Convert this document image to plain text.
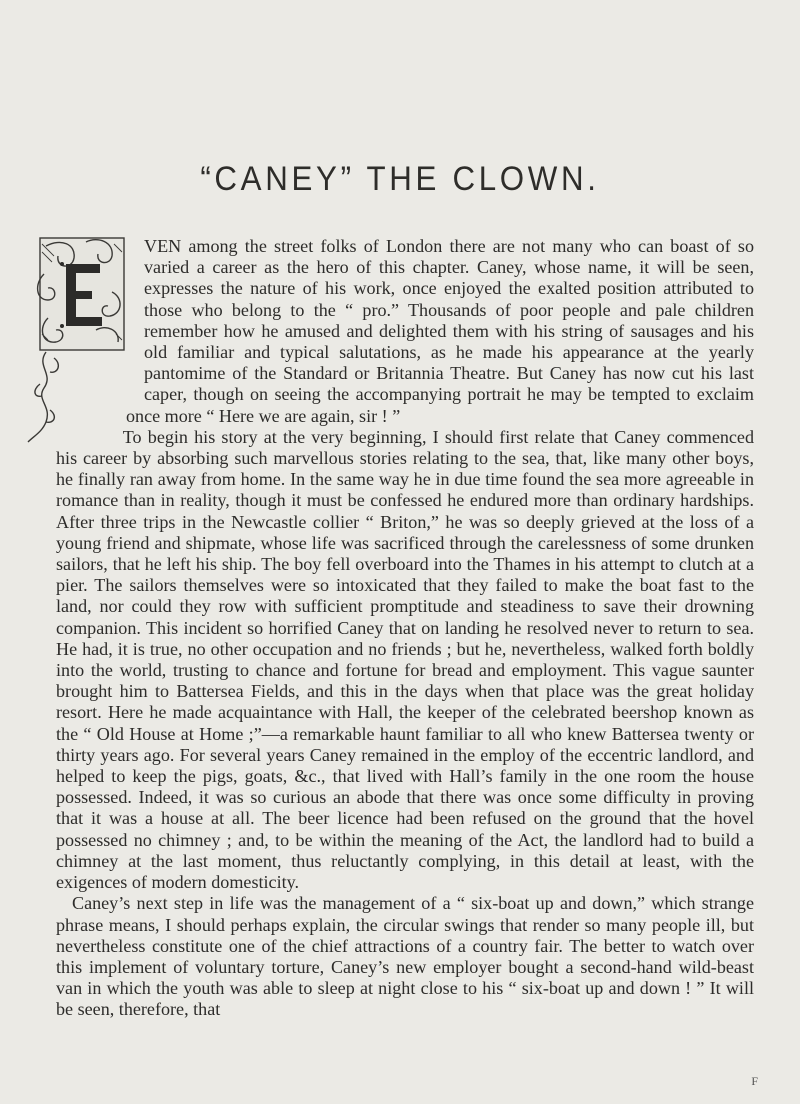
“CANEY” THE CLOWN.

VEN among the street folks of London there are not many who can boast of so varied a career as the hero of this chapter. Caney, whose name, it will be seen, expresses the nature of his work, once enjoyed the exalted position attributed to those who belong to the “ pro.” Thousands of poor people and pale children remember how he amused and delighted them with his string of sausages and his old familiar and typical salutations, as he made his appearance at the yearly pantomime of the Standard or Britannia Theatre. But Caney has now cut his last caper, though on seeing the accompanying portrait he may be tempted to exclaim once more “ Here we are again, sir ! ”

To begin his story at the very beginning, I should first relate that Caney commenced his career by absorbing such marvellous stories relating to the sea, that, like many other boys, he finally ran away from home. In the same way he in due time found the sea more agreeable in romance than in reality, though it must be confessed he endured more than ordinary hardships. After three trips in the Newcastle collier “ Briton,” he was so deeply grieved at the loss of a young friend and shipmate, whose life was sacrificed through the carelessness of some drunken sailors, that he left his ship. The boy fell overboard into the Thames in his attempt to clutch at a pier. The sailors themselves were so intoxicated that they failed to make the boat fast to the land, nor could they row with sufficient promptitude and steadiness to save their drowning companion. This incident so horrified Caney that on landing he resolved never to return to sea. He had, it is true, no other occupation and no friends ; but he, nevertheless, walked forth boldly into the world, trusting to chance and fortune for bread and employment. This vague saunter brought him to Battersea Fields, and this in the days when that place was the great holiday resort. Here he made acquaintance with Hall, the keeper of the celebrated beershop known as the “ Old House at Home ;”—a remarkable haunt familiar to all who knew Battersea twenty or thirty years ago. For several years Caney remained in the employ of the eccentric landlord, and helped to keep the pigs, goats, &c., that lived with Hall’s family in the one room the house possessed. Indeed, it was so curious an abode that there was once some difficulty in proving that it was a house at all. The beer licence had been refused on the ground that the hovel possessed no chimney ; and, to be within the meaning of the Act, the landlord had to build a chimney at the last moment, thus reluctantly complying, in this detail at least, with the exigences of modern domesticity.

Caney’s next step in life was the management of a “ six-boat up and down,” which strange phrase means, I should perhaps explain, the circular swings that render so many people ill, but nevertheless constitute one of the chief attractions of a country fair. The better to watch over this implement of voluntary torture, Caney’s new employer bought a second-hand wild-beast van in which the youth was able to sleep at night close to his “ six-boat up and down ! ” It will be seen, therefore, that

F
